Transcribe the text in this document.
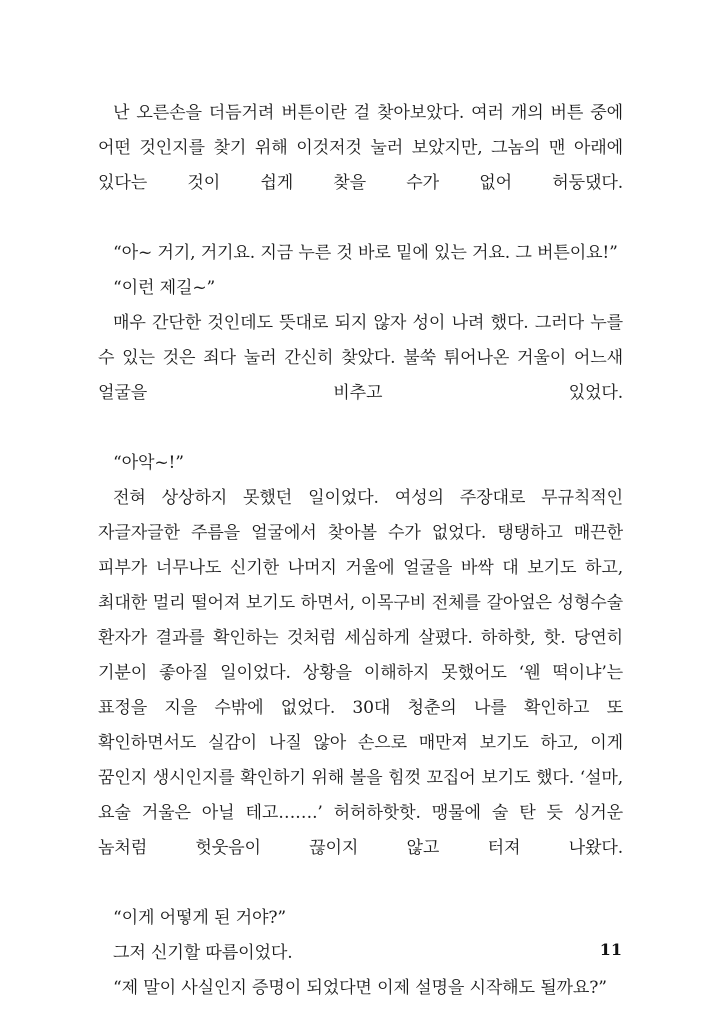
난 오른손을 더듬거려 버튼이란 걸 찾아보았다. 여러 개의 버튼 중에 어떤 것인지를 찾기 위해 이것저것 눌러 보았지만, 그놈의 맨 아래에 있다는 것이 쉽게 찾을 수가 없어 허둥댔다.

“아~ 거기, 거기요. 지금 누른 것 바로 밑에 있는 거요. 그 버튼이요!”

“이런 제길~”

매우 간단한 것인데도 뜻대로 되지 않자 성이 나려 했다. 그러다 누를 수 있는 것은 죄다 눌러 간신히 찾았다. 불쑥 튀어나온 거울이 어느새 얼굴을 비추고 있었다.

“아악~!”

전혀 상상하지 못했던 일이었다. 여성의 주장대로 무규칙적인 자글자글한 주름을 얼굴에서 찾아볼 수가 없었다. 탱탱하고 매끈한 피부가 너무나도 신기한 나머지 거울에 얼굴을 바싹 대 보기도 하고, 최대한 멀리 떨어져 보기도 하면서, 이목구비 전체를 갈아엎은 성형수술 환자가 결과를 확인하는 것처럼 세심하게 살폈다. 하하핫, 핫. 당연히 기분이 좋아질 일이었다. 상황을 이해하지 못했어도 ‘웬 떡이냐’는 표정을 지을 수밖에 없었다. 30대 청춘의 나를 확인하고 또 확인하면서도 실감이 나질 않아 손으로 매만져 보기도 하고, 이게 꿈인지 생시인지를 확인하기 위해 볼을 힘껏 꼬집어 보기도 했다. ‘설마, 요술 거울은 아닐 테고…….’ 허허하핫핫. 맹물에 술 탄 듯 싱거운 놈처럼 헛웃음이 끊이지 않고 터져 나왔다.

“이게 어떻게 된 거야?”

그저 신기할 따름이었다.

“제 말이 사실인지 증명이 되었다면 이제 설명을 시작해도 될까요?”

11
